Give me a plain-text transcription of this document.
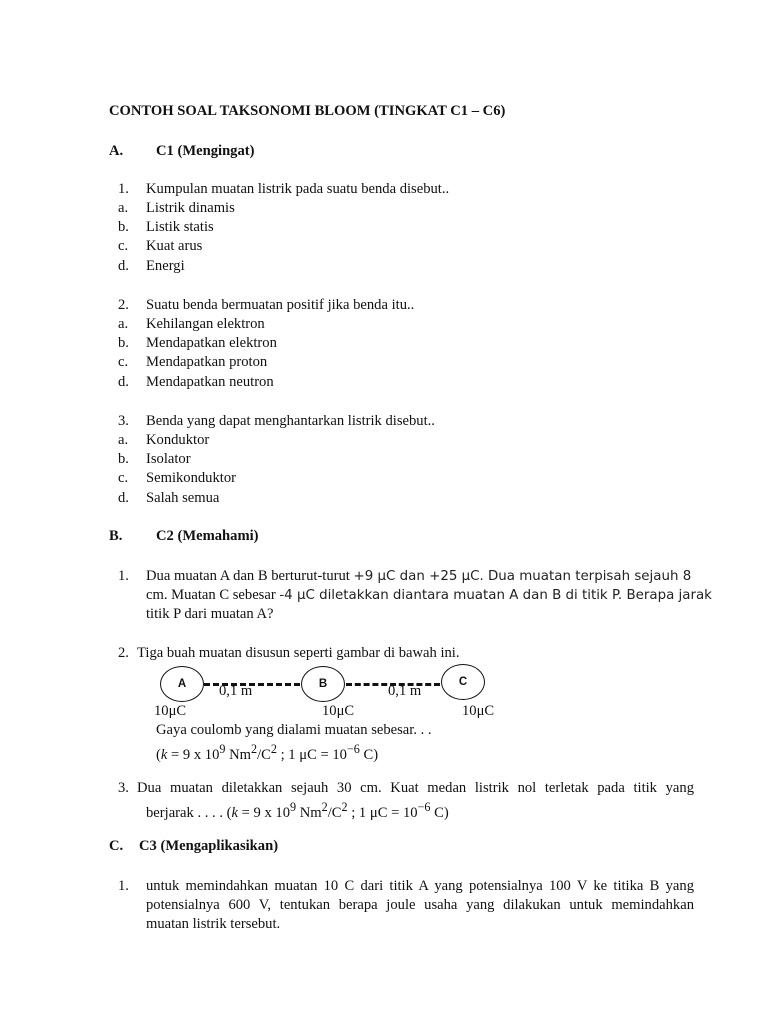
CONTOH SOAL TAKSONOMI BLOOM (TINGKAT C1 – C6)
A. C1 (Mengingat)
1. Kumpulan muatan listrik pada suatu benda disebut..
a. Listrik dinamis
b. Listik statis
c. Kuat arus
d. Energi
2. Suatu benda bermuatan positif jika benda itu..
a. Kehilangan elektron
b. Mendapatkan elektron
c. Mendapatkan proton
d. Mendapatkan neutron
3. Benda yang dapat menghantarkan listrik disebut..
a. Konduktor
b. Isolator
c. Semikonduktor
d. Salah semua
B. C2 (Memahami)
1. Dua muatan A dan B berturut-turut +9 μC dan +25 μC. Dua muatan terpisah sejauh 8
cm. Muatan C sebesar -4 μC diletakkan diantara muatan A dan B di titik P. Berapa jarak
titik P dari muatan A?
2. Tiga buah muatan disusun seperti gambar di bawah ini.
A	B	C
0,1 m	0,1 m
10μC	10μC	10μC
Gaya coulomb yang dialami muatan sebesar. . .
(k = 9 x $10^9$ $Nm^2/C^2$ ; 1 $\mu C = 10^{-6}$ C)
3. Dua muatan diletakkan sejauh 30 cm. Kuat medan listrik nol terletak pada titik yang
berjarak . . . . (k = 9 x $10^9$ $Nm^2/C^2$ ; 1 $\mu C = 10^{-6}$ C)
C. C3 (Mengaplikasikan)
1. untuk memindahkan muatan 10 C dari titik A yang potensialnya 100 V ke titika B yang
potensialnya 600 V, tentukan berapa joule usaha yang dilakukan untuk memindahkan
muatan listrik tersebut.
